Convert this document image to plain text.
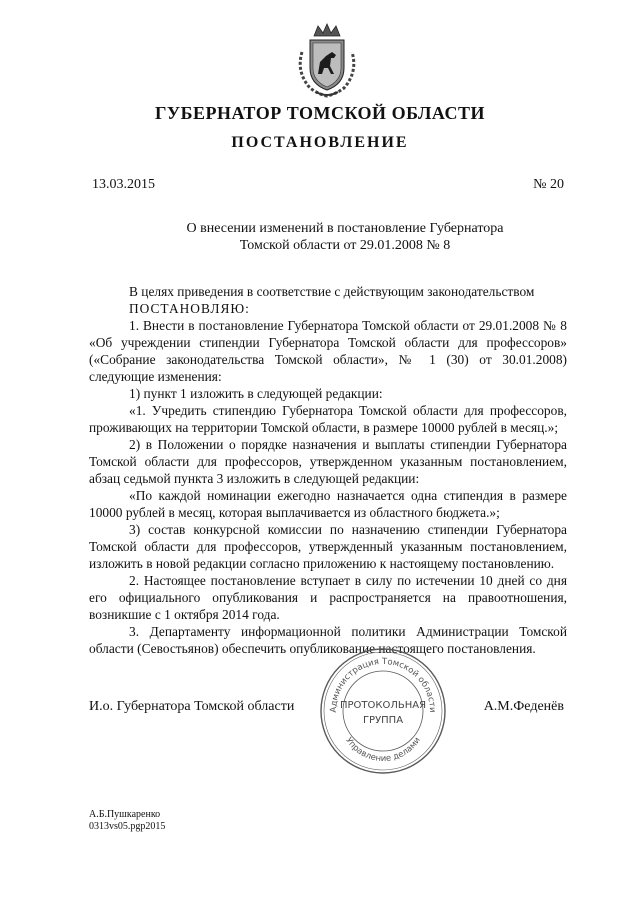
ГУБЕРНАТОР ТОМСКОЙ ОБЛАСТИ
ПОСТАНОВЛЕНИЕ
13.03.2015	№ 20
О внесении изменений в постановление Губернатора
Томской области от 29.01.2008 № 8

В целях приведения в соответствие с действующим законодательством

ПОСТАНОВЛЯЮ:

1. Внести в постановление Губернатора Томской области от 29.01.2008 № 8 «Об учреждении стипендии Губернатора Томской области для профессоров» («Собрание законодательства Томской области», № 1 (30) от 30.01.2008) следующие изменения:

1) пункт 1 изложить в следующей редакции:

«1. Учредить стипендию Губернатора Томской области для профессоров, проживающих на территории Томской области, в размере 10000 рублей в месяц.»;

2) в Положении о порядке назначения и выплаты стипендии Губернатора Томской области для профессоров, утвержденном указанным постановлением, абзац седьмой пункта 3 изложить в следующей редакции:

«По каждой номинации ежегодно назначается одна стипендия в размере 10000 рублей в месяц, которая выплачивается из областного бюджета.»;

3) состав конкурсной комиссии по назначению стипендии Губернатора Томской области для профессоров, утвержденный указанным постановлением, изложить в новой редакции согласно приложению к настоящему постановлению.

2. Настоящее постановление вступает в силу по истечении 10 дней со дня его официального опубликования и распространяется на правоотношения, возникшие с 1 октября 2014 года.

3. Департаменту информационной политики Администрации Томской области (Севостьянов) обеспечить опубликование настоящего постановления.

И.о. Губернатора Томской области	А.М.Феденёв
Администрация Томской области
Управление делами
ПРОТОКОЛЬНАЯ
ГРУППА
А.Б.Пушкаренко
0313vs05.pgp2015
